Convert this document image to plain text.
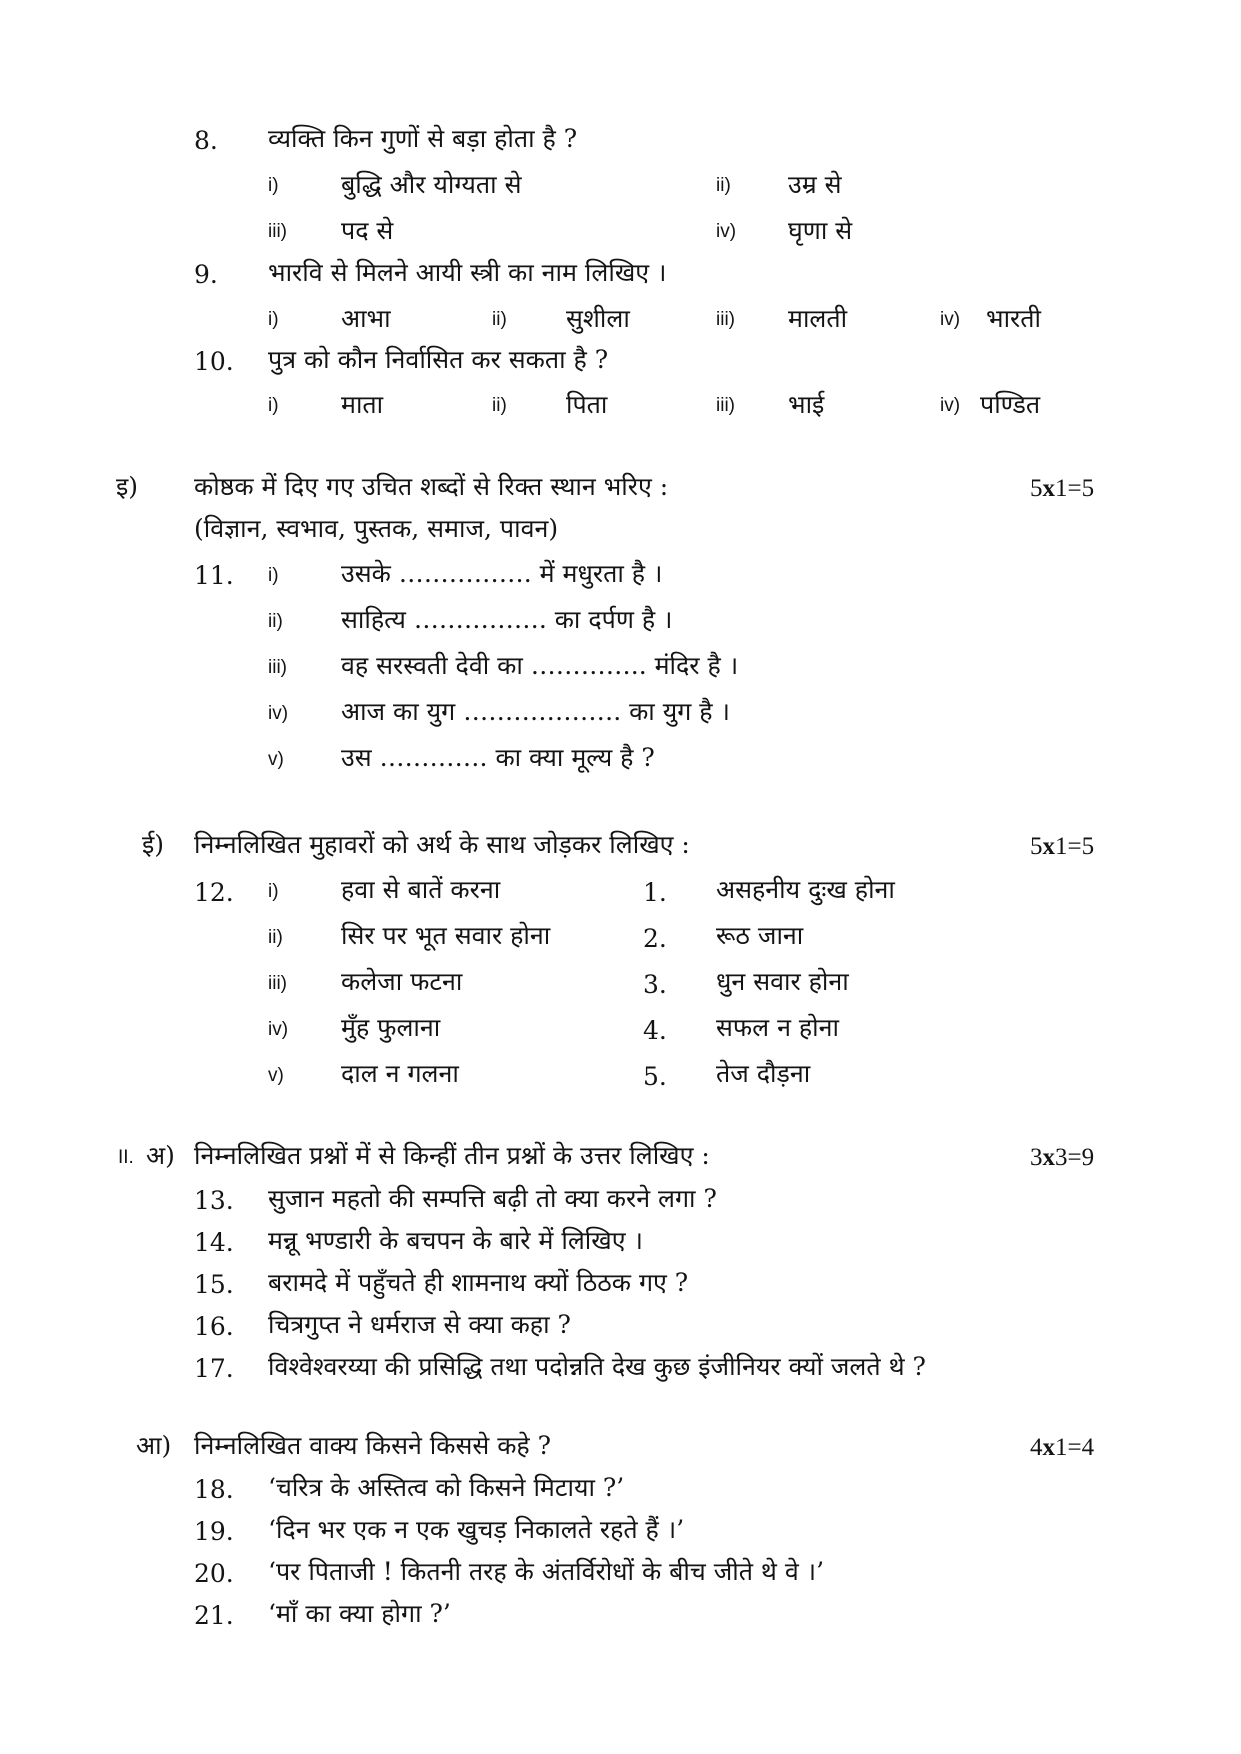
8. व्यक्ति किन गुणों से बड़ा होता है ?
i) बुद्धि और योग्यता से	ii) उम्र से
iii) पद से	iv) घृणा से
9. भारवि से मिलने आयी स्त्री का नाम लिखिए ।
i) आभा	ii) सुशीला	iii) मालती	iv) भारती
10. पुत्र को कौन निर्वासित कर सकता है ?
i) माता	ii) पिता	iii) भाई	iv) पण्डित
इ) कोष्ठक में दिए गए उचित शब्दों से रिक्त स्थान भरिए :	5x1=5
(विज्ञान, स्वभाव, पुस्तक, समाज, पावन)
11. i) उसके ……………. में मधुरता है ।
ii) साहित्य ……………. का दर्पण है ।
iii) वह सरस्वती देवी का ………….. मंदिर है ।
iv) आज का युग ………………. का युग है ।
v) उस …………. का क्या मूल्य है ?
ई) निम्नलिखित मुहावरों को अर्थ के साथ जोड़कर लिखिए :	5x1=5
12. i) हवा से बातें करना	1. असहनीय दुःख होना
ii) सिर पर भूत सवार होना	2. रूठ जाना
iii) कलेजा फटना	3. धुन सवार होना
iv) मुँह फुलाना	4. सफल न होना
v) दाल न गलना	5. तेज दौड़ना
II. अ) निम्नलिखित प्रश्नों में से किन्हीं तीन प्रश्नों के उत्तर लिखिए :	3x3=9
13. सुजान महतो की सम्पत्ति बढ़ी तो क्या करने लगा ?
14. मन्नू भण्डारी के बचपन के बारे में लिखिए ।
15. बरामदे में पहुँचते ही शामनाथ क्यों ठिठक गए ?
16. चित्रगुप्त ने धर्मराज से क्या कहा ?
17. विश्वेश्वरय्या की प्रसिद्धि तथा पदोन्नति देख कुछ इंजीनियर क्यों जलते थे ?
आ) निम्नलिखित वाक्य किसने किससे कहे ?	4x1=4
18. ‘चरित्र के अस्तित्व को किसने मिटाया ?’
19. ‘दिन भर एक न एक खुचड़ निकालते रहते हैं ।’
20. ‘पर पिताजी ! कितनी तरह के अंतर्विरोधों के बीच जीते थे वे ।’
21. ‘माँ का क्या होगा ?’
